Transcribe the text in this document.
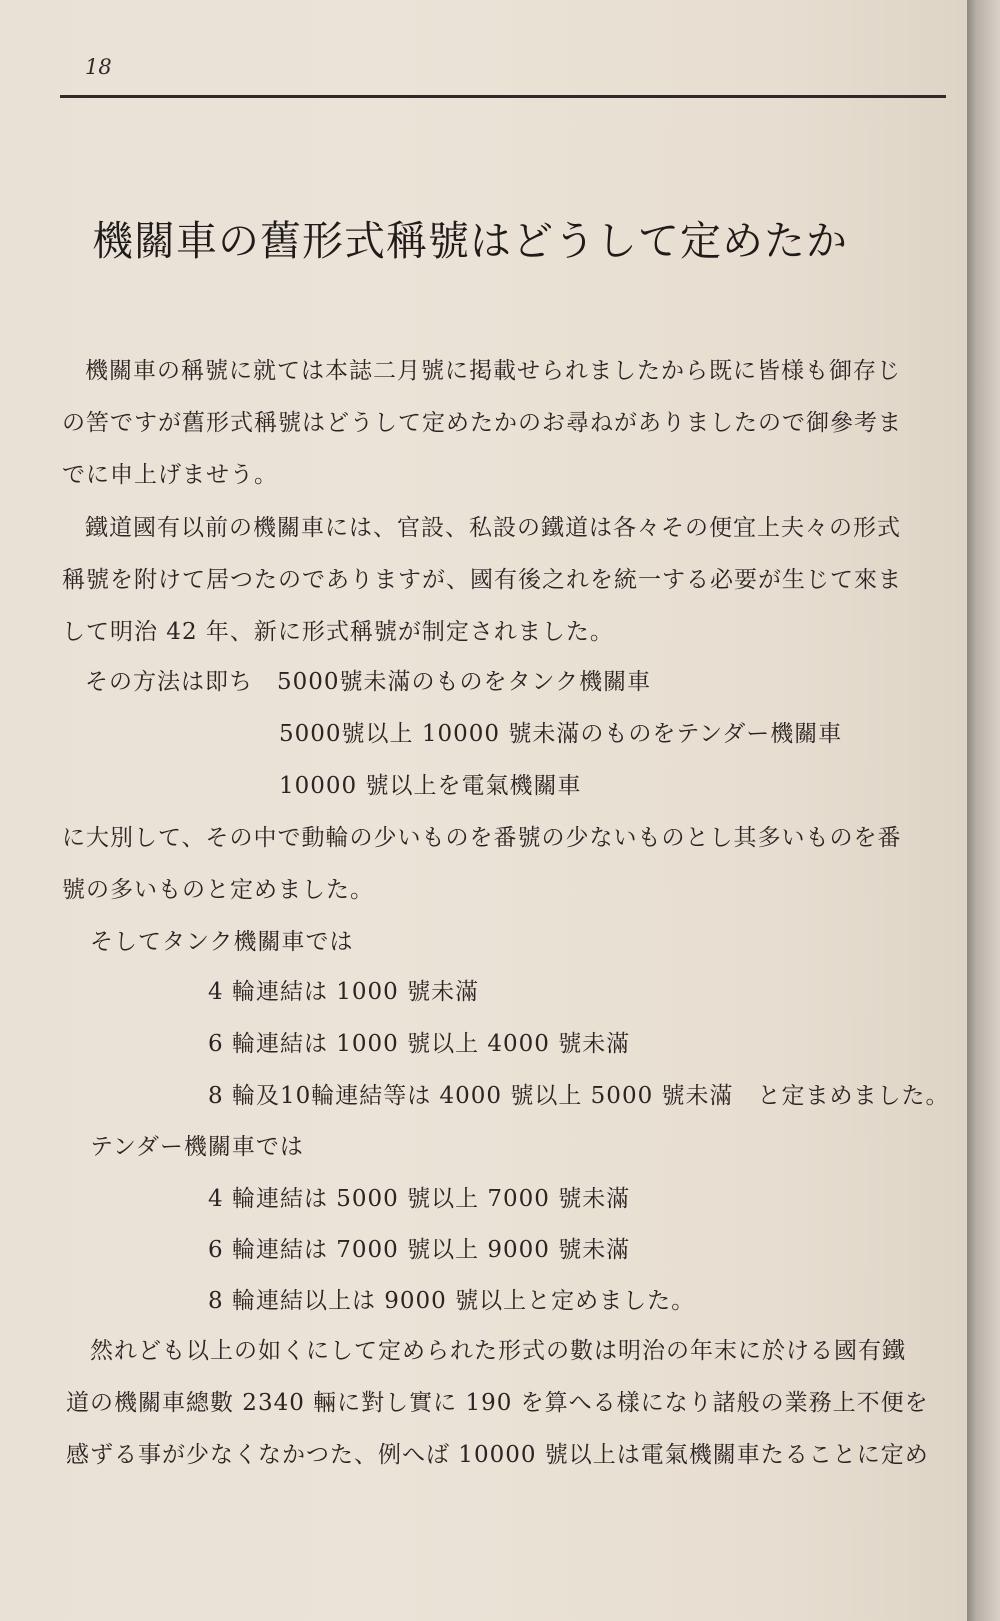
18
機關車の舊形式稱號はどうして定めたか
機關車の稱號に就ては本誌二月號に掲載せられましたから既に皆様も御存じ
の筈ですが舊形式稱號はどうして定めたかのお尋ねがありましたので御參考ま
でに申上げませう。
鐵道國有以前の機關車には、官設、私設の鐵道は各々その便宜上夫々の形式
稱號を附けて居つたのでありますが、國有後之れを統一する必要が生じて來ま
して明治 42 年、新に形式稱號が制定されました。
その方法は即ち　5000號未滿のものをタンク機關車
5000號以上 10000 號未滿のものをテンダー機關車
10000 號以上を電氣機關車
に大別して、その中で動輪の少いものを番號の少ないものとし其多いものを番
號の多いものと定めました。
そしてタンク機關車では
4 輪連結は 1000 號未滿
6 輪連結は 1000 號以上 4000 號未滿
8 輪及10輪連結等は 4000 號以上 5000 號未滿　と定まめました。
テンダー機關車では
4 輪連結は 5000 號以上 7000 號未滿
6 輪連結は 7000 號以上 9000 號未滿
8 輪連結以上は 9000 號以上と定めました。
然れども以上の如くにして定められた形式の數は明治の年末に於ける國有鐵
道の機關車總數 2340 輛に對し實に 190 を算へる樣になり諸般の業務上不便を
感ずる事が少なくなかつた、例へば 10000 號以上は電氣機關車たることに定め
